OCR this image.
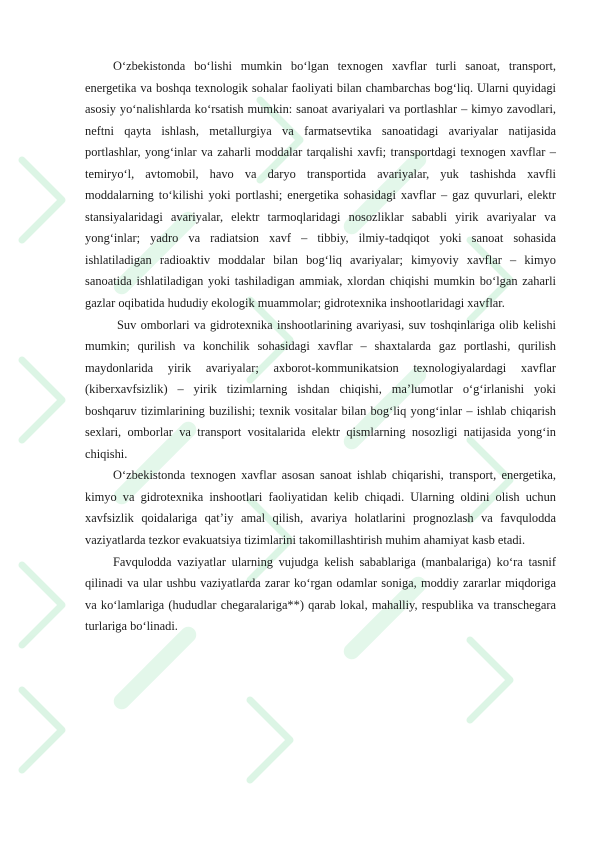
O‘zbekistonda bo‘lishi mumkin bo‘lgan texnogen xavflar turli sanoat, transport, energetika va boshqa texnologik sohalar faoliyati bilan chambarchas bog‘liq. Ularni quyidagi asosiy yo‘nalishlarda ko‘rsatish mumkin: sanoat avariyalari va portlashlar – kimyo zavodlari, neftni qayta ishlash, metallurgiya va farmatsevtika sanoatidagi avariyalar natijasida portlashlar, yong‘inlar va zaharli moddalar tarqalishi xavfi; transportdagi texnogen xavflar – temiryo‘l, avtomobil, havo va daryo transportida avariyalar, yuk tashishda xavfli moddalarning to‘kilishi yoki portlashi; energetika sohasidagi xavflar – gaz quvurlari, elektr stansiyalaridagi avariyalar, elektr tarmoqlaridagi nosozliklar sababli yirik avariyalar va yong‘inlar; yadro va radiatsion xavf – tibbiy, ilmiy-tadqiqot yoki sanoat sohasida ishlatiladigan radioaktiv moddalar bilan bog‘liq avariyalar; kimyoviy xavflar – kimyo sanoatida ishlatiladigan yoki tashiladigan ammiak, xlordan chiqishi mumkin bo‘lgan zaharli gazlar oqibatida hududiy ekologik muammolar; gidrotexnika inshootlaridagi xavflar.

Suv omborlari va gidrotexnika inshootlarining avariyasi, suv toshqinlariga olib kelishi mumkin; qurilish va konchilik sohasidagi xavflar – shaxtalarda gaz portlashi, qurilish maydonlarida yirik avariyalar; axborot-kommunikatsion texnologiyalardagi xavflar (kiberxavfsizlik) – yirik tizimlarning ishdan chiqishi, ma’lumotlar o‘g‘irlanishi yoki boshqaruv tizimlarining buzilishi; texnik vositalar bilan bog‘liq yong‘inlar – ishlab chiqarish sexlari, omborlar va transport vositalarida elektr qismlarning nosozligi natijasida yong‘in chiqishi.

O‘zbekistonda texnogen xavflar asosan sanoat ishlab chiqarishi, transport, energetika, kimyo va gidrotexnika inshootlari faoliyatidan kelib chiqadi. Ularning oldini olish uchun xavfsizlik qoidalariga qat’iy amal qilish, avariya holatlarini prognozlash va favqulodda vaziyatlarda tezkor evakuatsiya tizimlarini takomillashtirish muhim ahamiyat kasb etadi.

Favqulodda vaziyatlar ularning vujudga kelish sabablariga (manbalariga) ko‘ra tasnif qilinadi va ular ushbu vaziyatlarda zarar ko‘rgan odamlar soniga, moddiy zararlar miqdoriga va ko‘lamlariga (hududlar chegaralariga**) qarab lokal, mahalliy, respublika va transchegara turlariga bo‘linadi.
